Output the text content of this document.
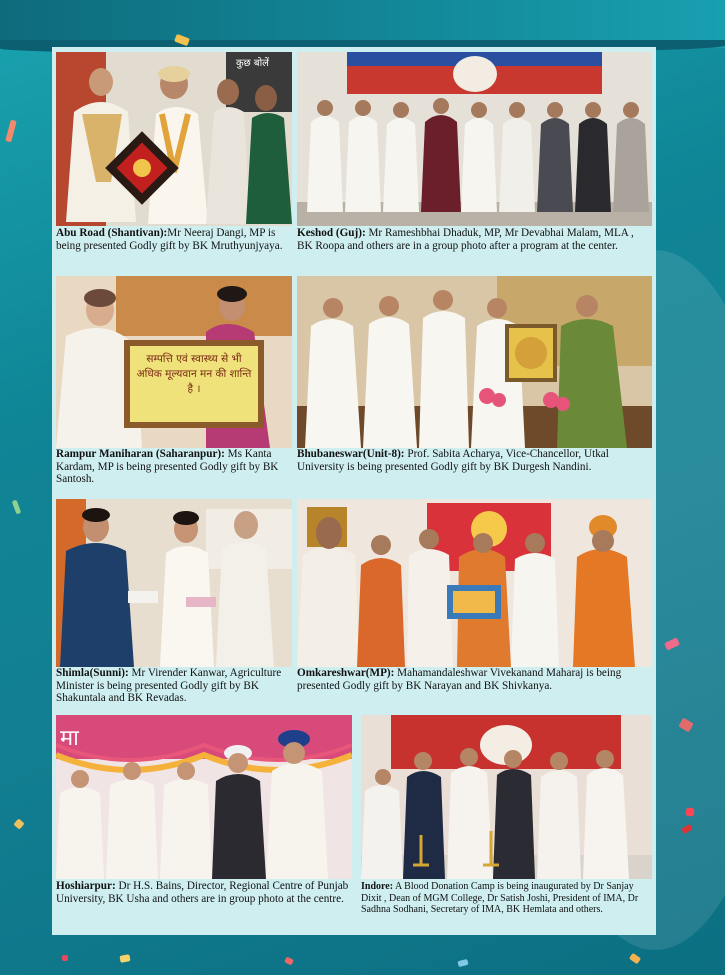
कुछ बोलें
Abu Road (Shantivan):Mr Neeraj Dangi, MP is being presented Godly gift by BK Mruthyunjyaya.
Keshod (Guj): Mr Rameshbhai Dhaduk, MP, Mr Devabhai Malam, MLA , BK Roopa and others are in a group photo after a program at the center.
सम्पत्ति एवं स्वास्थ्य से भी अधिक मूल्यवान मन की शान्ति है ।
Rampur Maniharan (Saharanpur): Ms Kanta Kardam, MP is being presented Godly gift by BK Santosh.
Bhubaneswar(Unit-8): Prof. Sabita Acharya, Vice-Chancellor, Utkal University is being presented Godly gift by BK Durgesh Nandini.
Shimla(Sunni): Mr Virender Kanwar, Agriculture Minister is being presented Godly gift by BK Shakuntala and BK Revadas.
Omkareshwar(MP): Mahamandaleshwar Vivekanand Maharaj is being presented Godly gift by BK Narayan and BK Shivkanya.
मा
Hoshiarpur: Dr H.S. Bains, Director, Regional Centre of Punjab University, BK Usha and others are in group photo at the centre.
Indore: A Blood Donation Camp is being inaugurated by Dr Sanjay Dixit , Dean of MGM College, Dr Satish Joshi, President of IMA, Dr Sadhna Sodhani, Secretary of IMA, BK Hemlata and others.
